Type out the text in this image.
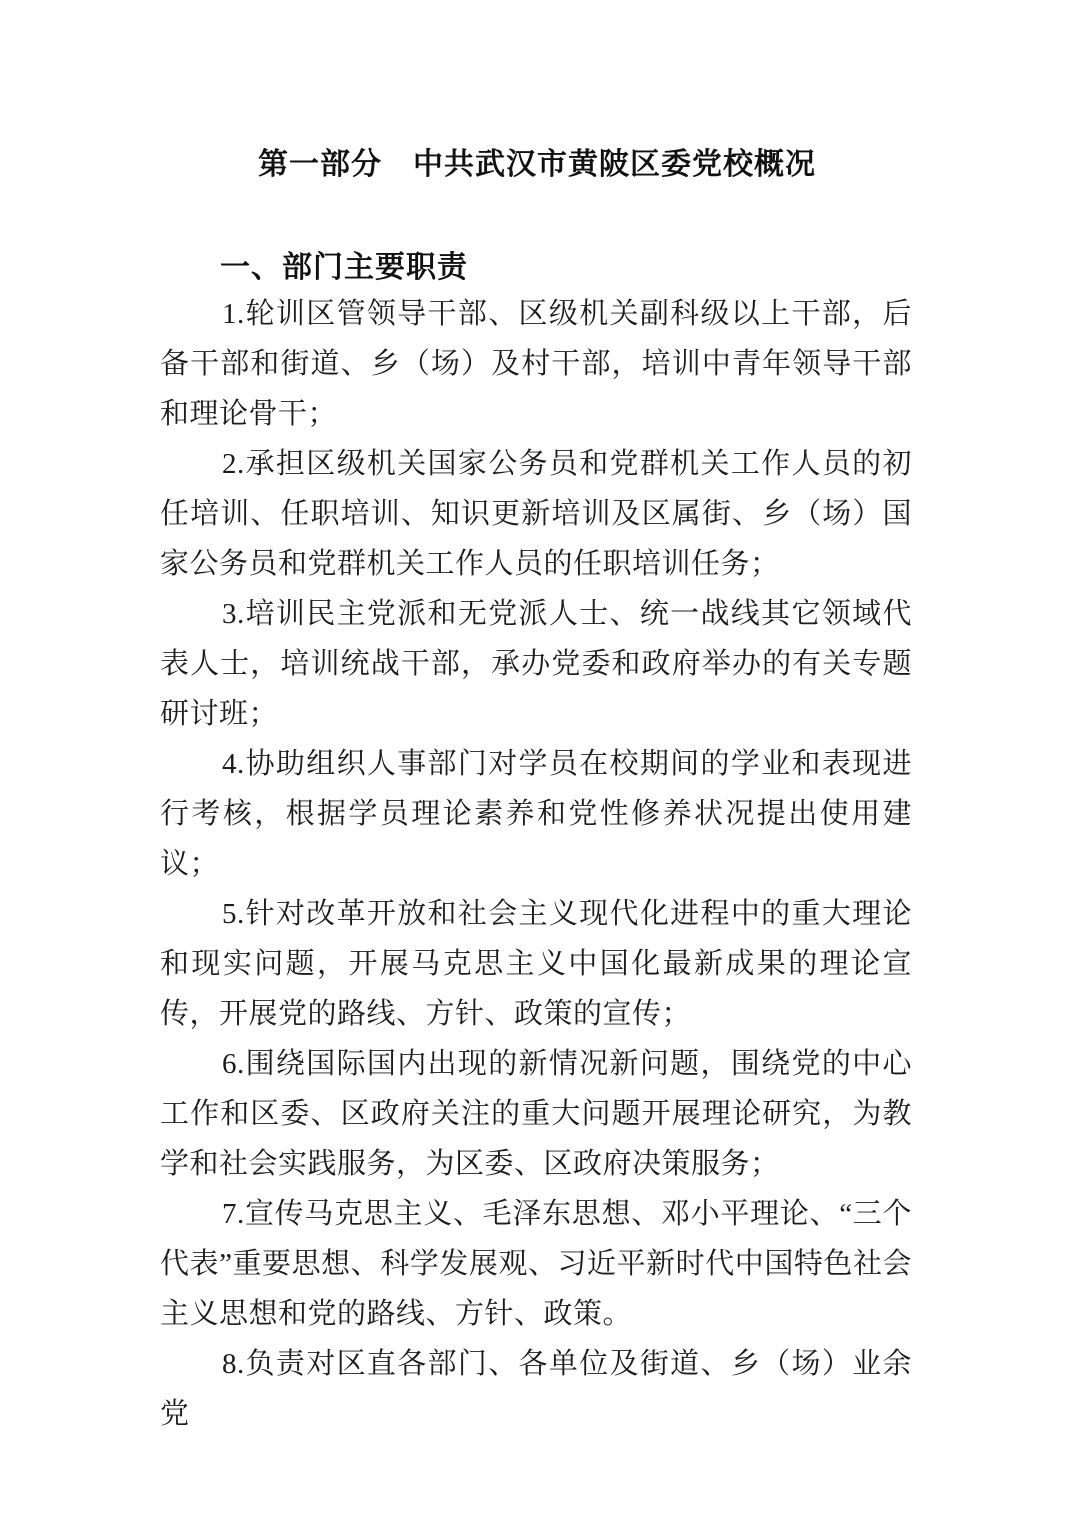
第一部分　中共武汉市黄陂区委党校概况
一、部门主要职责

1.轮训区管领导干部、区级机关副科级以上干部，后备干部和街道、乡（场）及村干部，培训中青年领导干部和理论骨干；

2.承担区级机关国家公务员和党群机关工作人员的初任培训、任职培训、知识更新培训及区属街、乡（场）国家公务员和党群机关工作人员的任职培训任务；

3.培训民主党派和无党派人士、统一战线其它领域代表人士，培训统战干部，承办党委和政府举办的有关专题研讨班；

4.协助组织人事部门对学员在校期间的学业和表现进行考核，根据学员理论素养和党性修养状况提出使用建议；

5.针对改革开放和社会主义现代化进程中的重大理论和现实问题，开展马克思主义中国化最新成果的理论宣传，开展党的路线、方针、政策的宣传；

6.围绕国际国内出现的新情况新问题，围绕党的中心工作和区委、区政府关注的重大问题开展理论研究，为教学和社会实践服务，为区委、区政府决策服务；

7.宣传马克思主义、毛泽东思想、邓小平理论、“三个代表”重要思想、科学发展观、习近平新时代中国特色社会主义思想和党的路线、方针、政策。

8.负责对区直各部门、各单位及街道、乡（场）业余党
